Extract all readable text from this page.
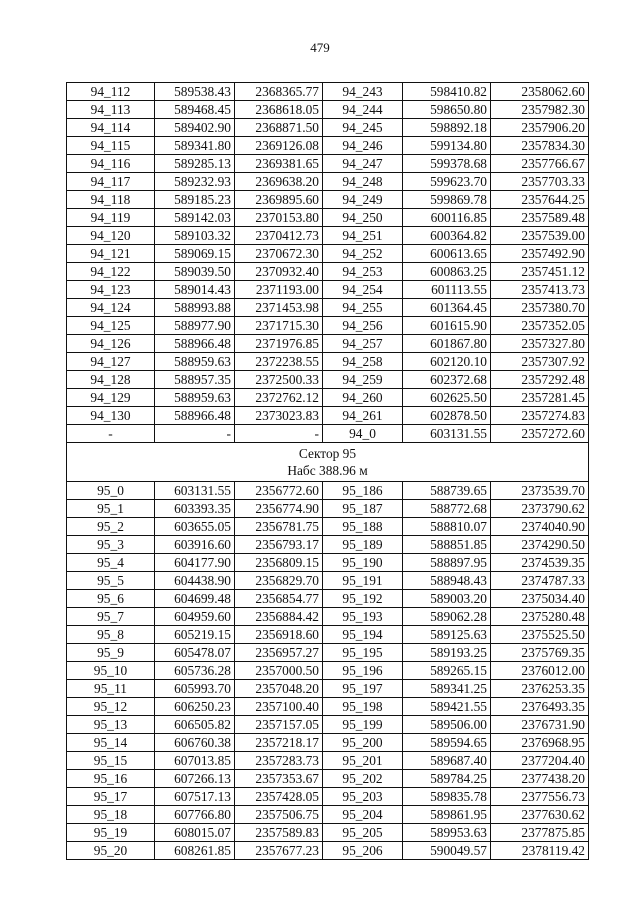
479
94_112	589538.43	2368365.77	94_243	598410.82	2358062.60
94_113	589468.45	2368618.05	94_244	598650.80	2357982.30
94_114	589402.90	2368871.50	94_245	598892.18	2357906.20
94_115	589341.80	2369126.08	94_246	599134.80	2357834.30
94_116	589285.13	2369381.65	94_247	599378.68	2357766.67
94_117	589232.93	2369638.20	94_248	599623.70	2357703.33
94_118	589185.23	2369895.60	94_249	599869.78	2357644.25
94_119	589142.03	2370153.80	94_250	600116.85	2357589.48
94_120	589103.32	2370412.73	94_251	600364.82	2357539.00
94_121	589069.15	2370672.30	94_252	600613.65	2357492.90
94_122	589039.50	2370932.40	94_253	600863.25	2357451.12
94_123	589014.43	2371193.00	94_254	601113.55	2357413.73
94_124	588993.88	2371453.98	94_255	601364.45	2357380.70
94_125	588977.90	2371715.30	94_256	601615.90	2357352.05
94_126	588966.48	2371976.85	94_257	601867.80	2357327.80
94_127	588959.63	2372238.55	94_258	602120.10	2357307.92
94_128	588957.35	2372500.33	94_259	602372.68	2357292.48
94_129	588959.63	2372762.12	94_260	602625.50	2357281.45
94_130	588966.48	2373023.83	94_261	602878.50	2357274.83
-	-	-	94_0	603131.55	2357272.60

Сектор 95
Набс 388.96 м					

95_0	603131.55	2356772.60	95_186	588739.65	2373539.70
95_1	603393.35	2356774.90	95_187	588772.68	2373790.62
95_2	603655.05	2356781.75	95_188	588810.07	2374040.90
95_3	603916.60	2356793.17	95_189	588851.85	2374290.50
95_4	604177.90	2356809.15	95_190	588897.95	2374539.35
95_5	604438.90	2356829.70	95_191	588948.43	2374787.33
95_6	604699.48	2356854.77	95_192	589003.20	2375034.40
95_7	604959.60	2356884.42	95_193	589062.28	2375280.48
95_8	605219.15	2356918.60	95_194	589125.63	2375525.50
95_9	605478.07	2356957.27	95_195	589193.25	2375769.35
95_10	605736.28	2357000.50	95_196	589265.15	2376012.00
95_11	605993.70	2357048.20	95_197	589341.25	2376253.35
95_12	606250.23	2357100.40	95_198	589421.55	2376493.35
95_13	606505.82	2357157.05	95_199	589506.00	2376731.90
95_14	606760.38	2357218.17	95_200	589594.65	2376968.95
95_15	607013.85	2357283.73	95_201	589687.40	2377204.40
95_16	607266.13	2357353.67	95_202	589784.25	2377438.20
95_17	607517.13	2357428.05	95_203	589835.78	2377556.73
95_18	607766.80	2357506.75	95_204	589861.95	2377630.62
95_19	608015.07	2357589.83	95_205	589953.63	2377875.85
95_20	608261.85	2357677.23	95_206	590049.57	2378119.42
